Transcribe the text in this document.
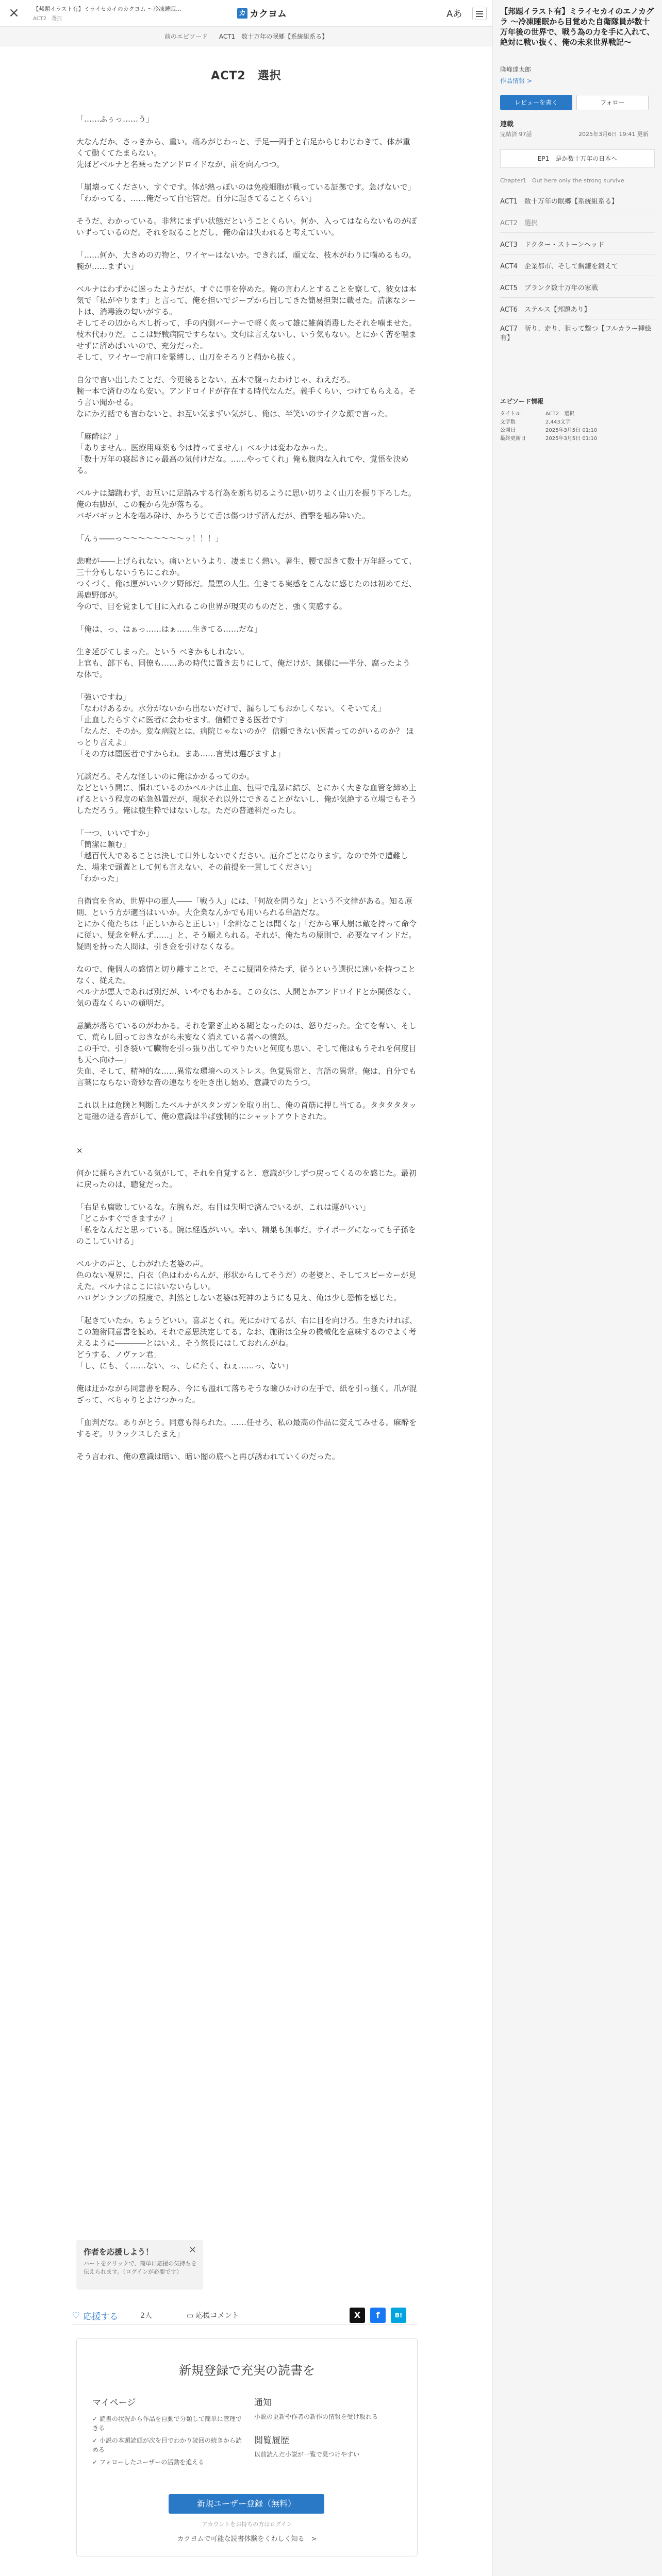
× 【邦題イラスト有】ミライセカイのカクヨム ～冷凍睡眠…
ACT2　選択
カ カクヨム	Aあ
前のエピソード ACT1　数十万年の眠郷【系統組系る】
ACT2　選択

「……ふぅっ……う」

大なんだか、さっきから、重い。痛みがじわっと、手足──両手と右足からじわじわきて、体が重くて動くてたまらない。

先ほどベルナと名乗ったアンドロイドなが、前を向んつつ。

「崩壊ってください、すぐです。体が熱っぽいのは免疫細胞が戦っている証拠です。急げないで」

「わかってる、……俺だって自宅管だ。自分に起きてることくらい」

そうだ、わかっている。非常にまずい状態だということくらい。何か、入ってはならないものがぽいずっているのだ。それを取ることだし、俺の命は失われると考えていい。

「……何か、大きめの刃物と、ワイヤーはないか。できれば、頑丈な、枝木がわりに噛めるもの。腕が……まずい」

ベルナはわずかに迷ったようだが、すぐに事を停めた。俺の言わんとすることを察して、彼女は本気で「私がやります」と言って、俺を担いでジープから出してきた簡易担架に載せた。清潔なシートは、消毒液の匂いがする。

そしてその辺から木し折って、手の内側パーナーで軽く炙って雄に雑菌消毒したそれを噛ませた。枝木代わりだ。ここは野戦病院ですらない。文句は言えないし、いう気もない。とにかく苦を噛ませずに済めばいいので、充分だった。

そして、ワイヤーで肩口を緊縛し、山刀をそろりと鞘から抜く。

自分で言い出したことだ、今更後るとない。五本で腹ったわけじゃ、ねえだろ。

腕一本で済むのなら安い。アンドロイドが存在する時代なんだ。義手くらい、つけてもらえる。そう言い聞かせる。

なにか刃話でも言わないと、お互い気まずい気がし、俺は、半笑いのサイクな顔で言った。

「麻酔は？」

「ありません。医療用麻薬も今は持ってません」ベルナは変わなかった。

「数十万年の寝起きにゃ最高の気付けだな。……やってくれ」俺も腹肉な入れてや、覚悟を決める。

ベルナは躊躇わず、お互いに足踏みする行為を断ち切るように思い切りよく山刀を振り下ろした。俺の右脚が、この腕から先が落ちる。

バギバギッと木を噛み砕け、かろうじて舌は傷つけず済んだが、衝撃を噛み砕いた。

「んぅ――っ～～～～～～～～ッ！！！」

悲鳴が――上げられない。痛いというより、凄まじく熱い。暑生、腰で起きて数十万年経ってて、三十分もしないうちにこれか。

つくづく、俺は運がいいクソ野郎だ。最悪の人生。生きてる実感をこんなに感じたのは初めてだ、馬鹿野郎が。

今ので、目を覚まして目に入れるこの世界が現実のものだと、強く実感する。

「俺は、っ、はぁっ……はぁ……生きてる……だな」

生き延びてしまった。という べきかもしれない。

上官も、部下も、同僚も……あの時代に置き去りにして、俺だけが、無様に──半分、腐ったような体で。

「強いですね」

「なわけあるか。水分がないから出ないだけで、漏らしてもおかしくない。くそいてえ」

「止血したらすぐに医者に会わせます。信頼できる医者です」

「なんだ、そのか。変な病院とは、病院じゃないのか？ 信頼できない医者ってのがいるのか？ ほっとり言えよ」

「その方は闇医者ですからね。まあ……言葉は選びますよ」

冗談だろ。そんな怪しいのに俺はかかるってのか。

などという間に、慣れているのかベルナは止血、包帯で乱暴に結び、とにかく大きな血管を締め上げるという程度の応急処置だが、現状それ以外にできることがないし、俺が気絶する立場でもそうしただろう。俺は腹生粋ではないしな。ただの普通科だったし。

「一つ、いいですか」

「簡潔に頼む」

「越百代人であることは決して口外しないでください。厄介ごとになります。なので外で遭難した、場来で頭蓋として何も言えない、その前提を一貫してください」

「わかった」

自衛官を含め、世界中の軍人――「戦う人」には、「何故を問うな」という不文律がある。知る原則、という方が適当はいいか。大企業なんかでも用いられる単語だな。

とにかく俺たちは「正しいからと正しい」「余計なことは聞くな」「だから軍人崩は敵を持って命令に従い、疑念を軽んず……」と、そう願えられる。それが、俺たちの原則で、必要なマインドだ。

疑問を持った人間は、引き金を引けなくなる。

なので、俺個人の感情と切り離すことで、そこに疑問を持たず、従うという選択に迷いを持つことなく、従えた。

ベルナが悪人であれば別だが、いやでもわかる。この女は、人間とかアンドロイドとか関係なく、気の毒なくらいの頑明だ。

意識が落ちているのがわかる。それを繋ぎ止める糊となったのは、怒りだった。全てを奪い、そして、荒らし回っておきながら未宴なく消えている者への憤怒。

この手で、引き裂いて臓物を引っ張り出してやりたいと何度も思い、そして俺はもうそれを何度目も天へ向け―」

失血、そして、精神的な……異常な環境へのストレス。色覚異常と、言語の異常。俺は、自分でも言葉にならない奇妙な音の連なりを吐き出し始め、意識でのたうつ。

これ以上は危険と判断したベルナがスタンガンを取り出し、俺の首筋に押し当てる。タタタタタッと電磁の迸る音がして、俺の意識は半ば強制的にシャットアウトされた。

×

何かに揺らされている気がして、それを自覚すると、意識が少しずつ戻ってくるのを感じた。最初に戻ったのは、聴覚だった。

「右足も腐敗しているな。左腕もだ。右目は失明で済んでいるが、これは運がいい」

「どこかすぐできますか？」

「私をなんだと思っている。腕は経過がいい。幸い、精巣も無事だ。サイボーグになっても子孫をのこしていける」

ベルナの声と、しわがれた老婆の声。

色のない視界に、白衣（色はわからんが、形状からしてそうだ）の老婆と、そしてスピーカーが見えた。ベルナはここにはいないらしい。

ハロゲンランプの照度で、判然としない老婆は死神のようにも見え、俺は少し恐怖を感じた。

「起きていたか。ちょうどいい。喜ぶとくれ。死にかけてるが、右に目を向けろ。生きたければ、この施術同意書を読め。それで意思決定してる。なお、施術は全身の機械化を意味するのでよく考えるように――――とはいえ、そう悠長にはしておれんがね。

どうする、ノヴァン君」

「し、にも、く……ない、っ、しにたく、ねぇ……っ、ない」

俺は迂かながら同意書を睨み、今にも溢れて落ちそうな瞼ひかけの左手で、紙を引っ掻く。爪が混ざって、べちゃりとよけつかった。

「血判だな。ありがとう。同意も得られた。……任せろ、私の最高の作品に変えてみせる。麻酔をするぞ。リラックスしたまえ」

そう言われ、俺の意識は暗い、暗い闇の底へと再び誘われていくのだった。

作者を応援しよう！	×
ハートをクリックで、簡単に応援の気持ちを伝えられます。（ログインが必要です）
♡ 応援する	2人	▭ 応援コメント	X	f	B!
新規登録で充実の読書を
マイページ
✓ 読書の状況から作品を自動で分類して簡単に管理できる
✓ 小説の本頭読頭が次を目でわかり読回の続きから読める
✓ フォローしたユーザーの活動を追える
通知
小説の更新や作者の新作の情報を受け取れる
閲覧履歴
以前読んだ小説が一覧で見つけやすい
新規ユーザー登録（無料）
アカウントをお持ちの方はログイン
カクヨムで可能な読書体験をくわしく知る　>
【邦題イラスト有】ミライセカイのエノカグラ ～冷凍睡眠から目覚めた自衛隊員が数十万年後の世界で、戦う為の力を手に入れて、絶対に戦い抜く、俺の未来世界戦記～
隆峰達太郎
作品情報 >
レビューを書く	フォロー
連載
完結済 97話	2025年3月6日 19:41 更新
EP1　是か数十万年の日本へ
Chapter1　Out here only the strong survive
ACT1　数十万年の眠郷【系統組系る】
ACT2　選択
ACT3　ドクター・ストーンヘッド
ACT4　企業都市、そして鋼鎌を鍛えて
ACT5　ブランク数十万年の家戦
ACT6　ステルス【邦題あり】
ACT7　斬り、走り、狙って撃つ【フルカラー挿絵有】
エピソード情報
タイトル	ACT2　選択
文字数	2,443文字
公開日	2025年3月5日 01:10
最終更新日	2025年3月5日 01:10
